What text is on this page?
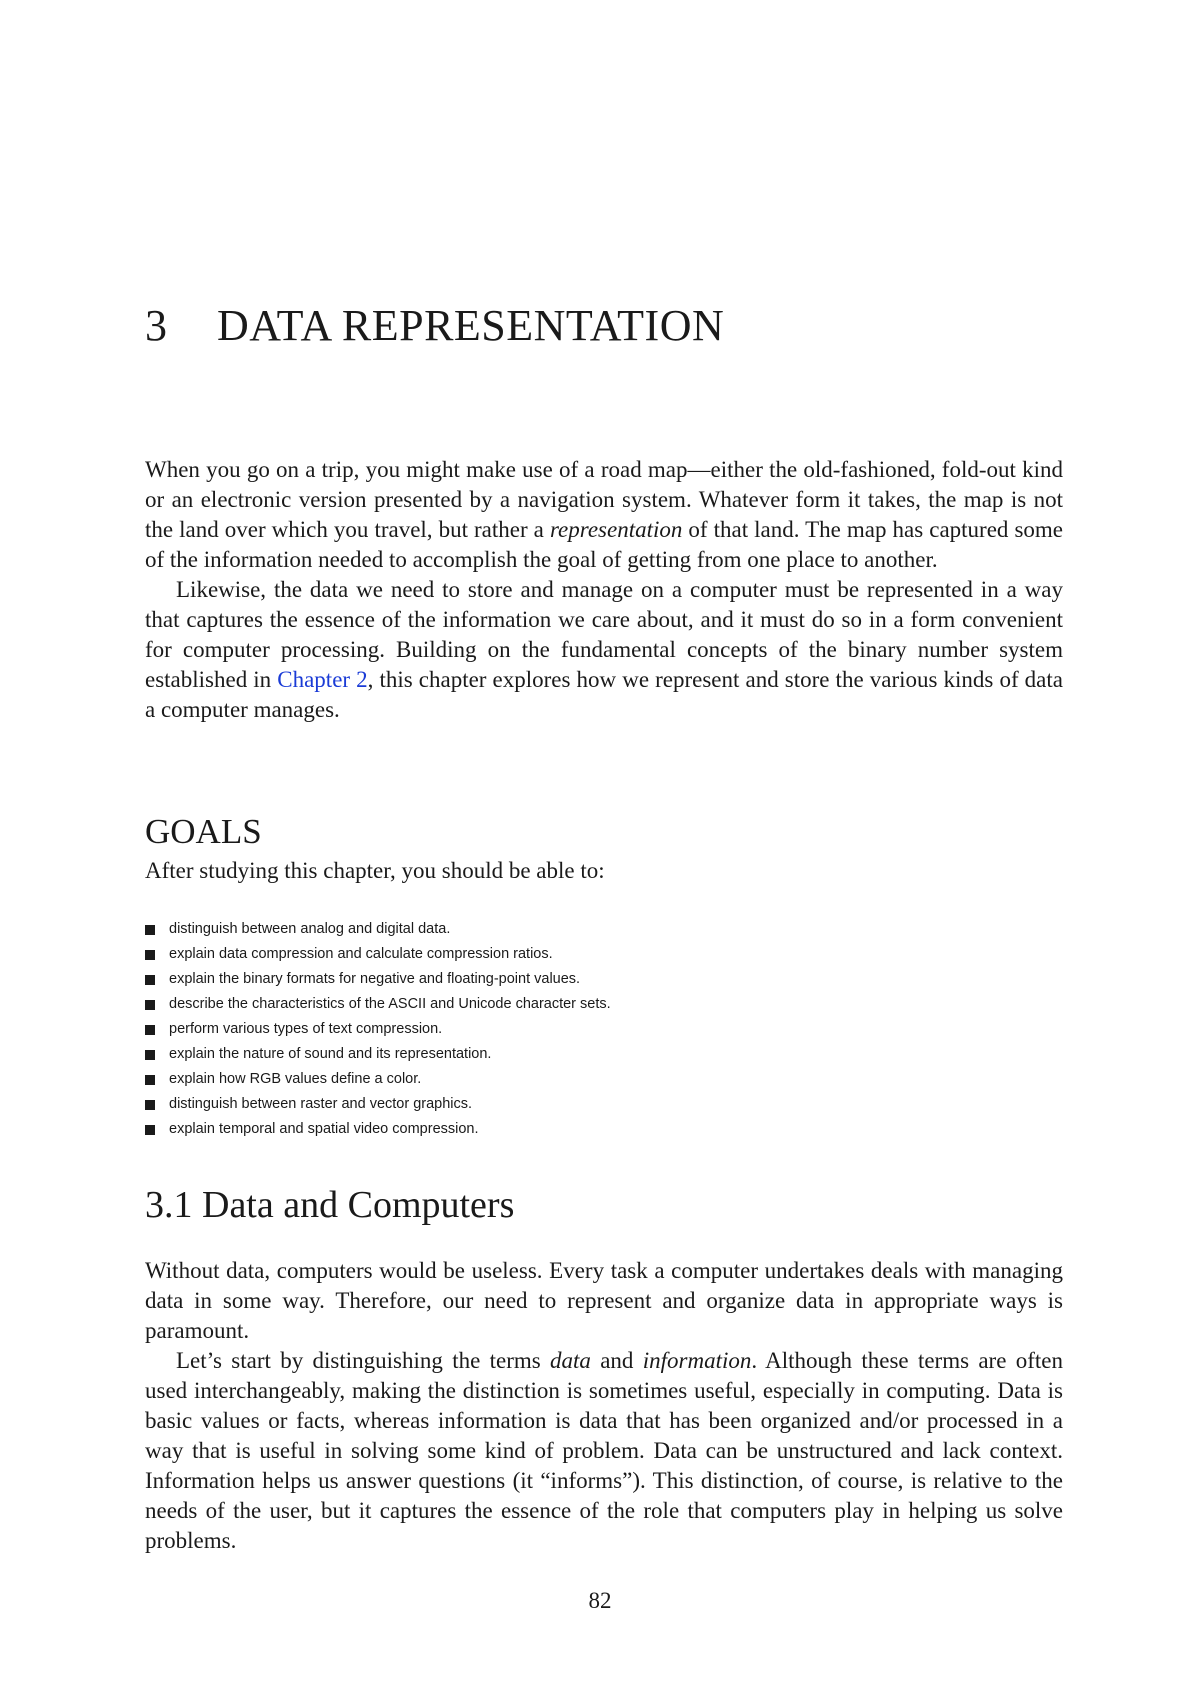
3 DATA REPRESENTATION

When you go on a trip, you might make use of a road map—either the old-fashioned, fold-out kind or an electronic version presented by a navigation system. Whatever form it takes, the map is not the land over which you travel, but rather a representation of that land. The map has captured some of the information needed to accomplish the goal of getting from one place to another.

Likewise, the data we need to store and manage on a computer must be represented in a way that captures the essence of the information we care about, and it must do so in a form convenient for computer processing. Building on the fundamental concepts of the binary number system established in Chapter 2, this chapter explores how we represent and store the various kinds of data a computer manages.

GOALS

After studying this chapter, you should be able to:

distinguish between analog and digital data.
explain data compression and calculate compression ratios.
explain the binary formats for negative and floating-point values.
describe the characteristics of the ASCII and Unicode character sets.
perform various types of text compression.
explain the nature of sound and its representation.
explain how RGB values define a color.
distinguish between raster and vector graphics.
explain temporal and spatial video compression.
3.1 Data and Computers

Without data, computers would be useless. Every task a computer undertakes deals with managing data in some way. Therefore, our need to represent and organize data in appropriate ways is paramount.

Let’s start by distinguishing the terms data and information. Although these terms are often used interchangeably, making the distinction is sometimes useful, especially in computing. Data is basic values or facts, whereas information is data that has been organized and/or processed in a way that is useful in solving some kind of problem. Data can be unstructured and lack context. Information helps us answer questions (it “informs”). This distinction, of course, is relative to the needs of the user, but it captures the essence of the role that computers play in helping us solve problems.

82
